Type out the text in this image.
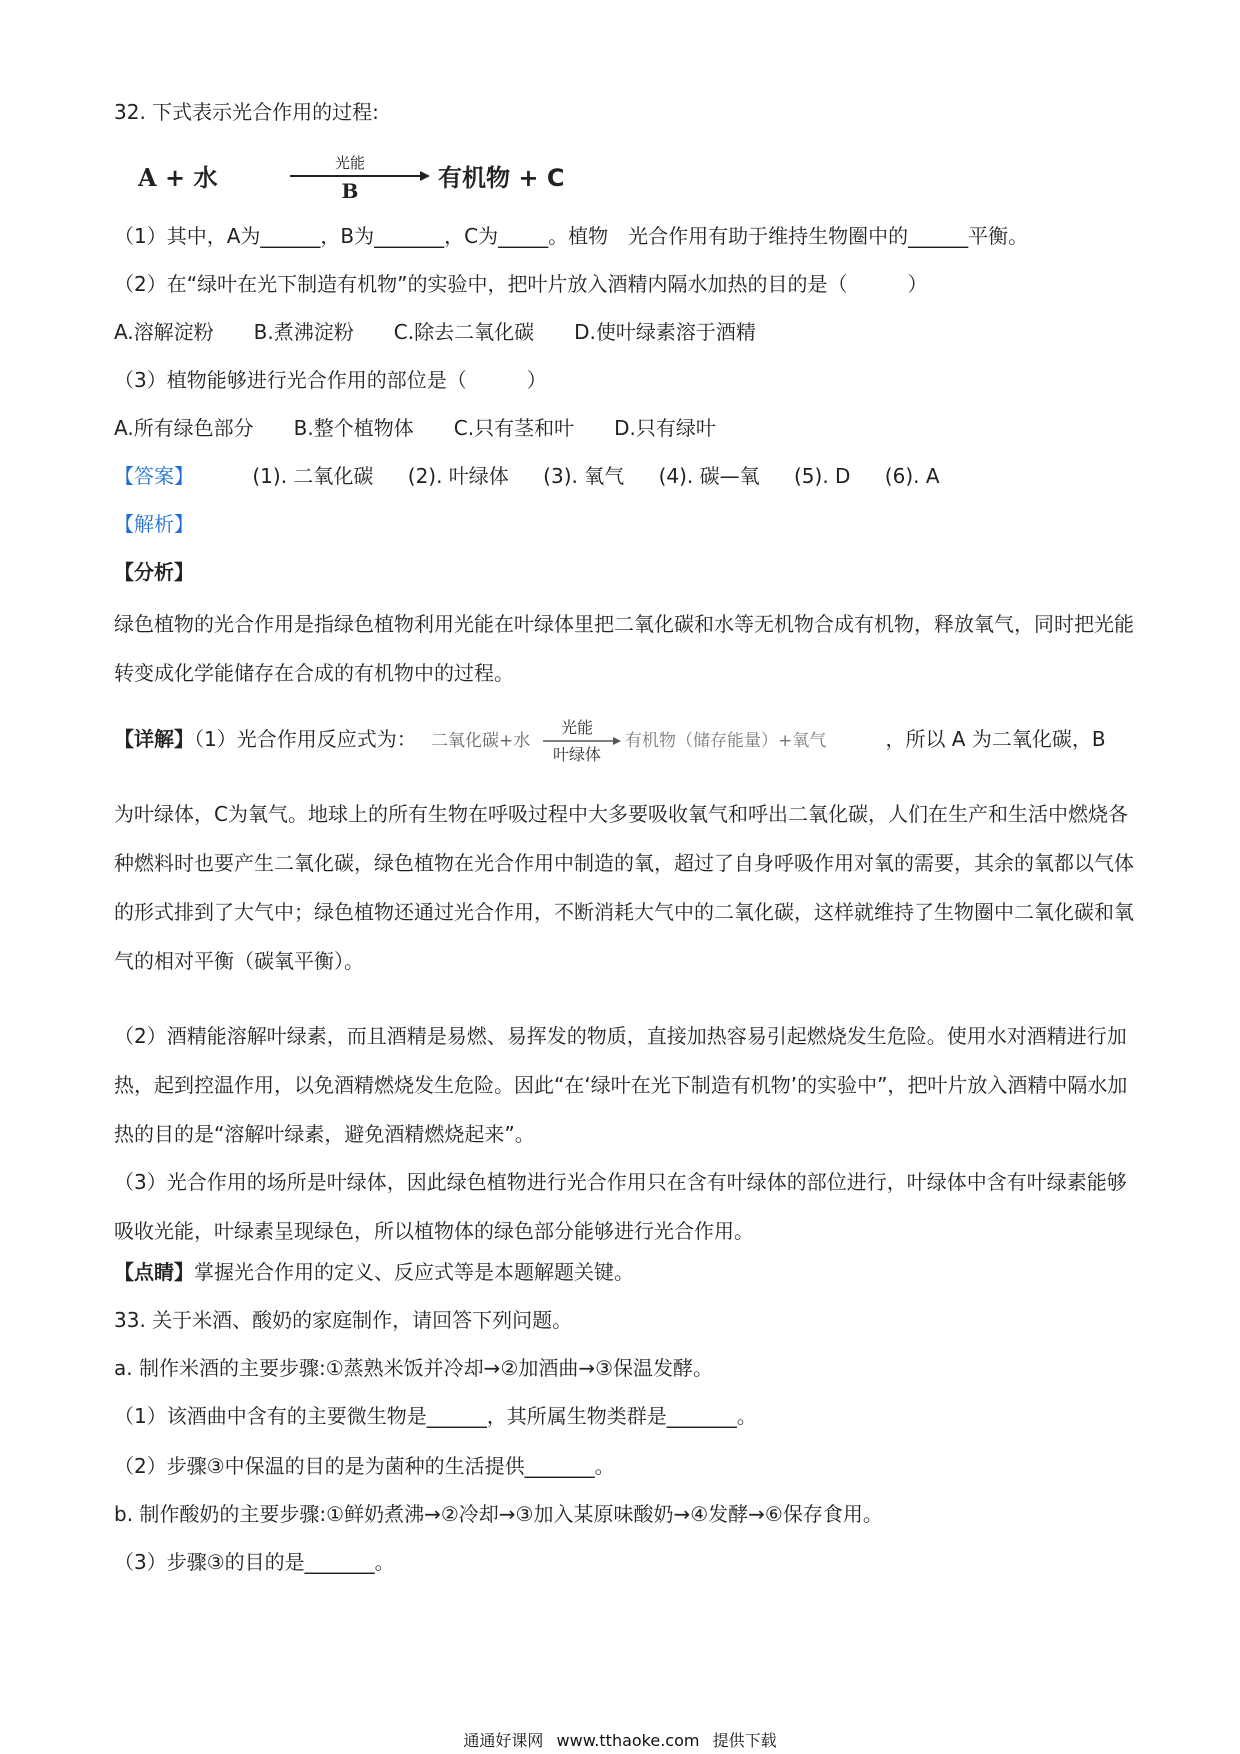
32. 下式表示光合作用的过程:
A + 水	光能
B	有机物 + C
（1）其中，A为______，B为_______，C为_____。植物　光合作用有助于维持生物圈中的______平衡。
（2）在“绿叶在光下制造有机物”的实验中，把叶片放入酒精内隔水加热的目的是（　　　）
A.溶解淀粉　　B.煮沸淀粉　　C.除去二氧化碳　　D.使叶绿素溶于酒精
（3）植物能够进行光合作用的部位是（　　　）
A.所有绿色部分　　B.整个植物体　　C.只有茎和叶　　D.只有绿叶
【答案】	(1). 二氧化碳 (2). 叶绿体 (3). 氧气 (4). 碳—氧 (5). D (6). A
【解析】
【分析】
绿色植物的光合作用是指绿色植物利用光能在叶绿体里把二氧化碳和水等无机物合成有机物，释放氧气，同时把光能转变成化学能储存在合成的有机物中的过程。
【详解】（1）光合作用反应式为： 二氧化碳+水
光能
叶绿体
有机物（储存能量）+氧气	，所以 A 为二氧化碳，B
为叶绿体，C为氧气。地球上的所有生物在呼吸过程中大多要吸收氧气和呼出二氧化碳，人们在生产和生活中燃烧各种燃料时也要产生二氧化碳，绿色植物在光合作用中制造的氧，超过了自身呼吸作用对氧的需要，其余的氧都以气体的形式排到了大气中；绿色植物还通过光合作用，不断消耗大气中的二氧化碳，这样就维持了生物圈中二氧化碳和氧气的相对平衡（碳氧平衡）。
（2）酒精能溶解叶绿素，而且酒精是易燃、易挥发的物质，直接加热容易引起燃烧发生危险。使用水对酒精进行加热，起到控温作用，以免酒精燃烧发生危险。因此“在‘绿叶在光下制造有机物’的实验中”，把叶片放入酒精中隔水加热的目的是“溶解叶绿素，避免酒精燃烧起来”。
（3）光合作用的场所是叶绿体，因此绿色植物进行光合作用只在含有叶绿体的部位进行，叶绿体中含有叶绿素能够吸收光能，叶绿素呈现绿色，所以植物体的绿色部分能够进行光合作用。
【点睛】掌握光合作用的定义、反应式等是本题解题关键。
33. 关于米酒、酸奶的家庭制作，请回答下列问题。
a. 制作米酒的主要步骤:①蒸熟米饭并冷却→②加酒曲→③保温发酵。
（1）该酒曲中含有的主要微生物是______，其所属生物类群是_______。
（2）步骤③中保温的目的是为菌种的生活提供_______。
b. 制作酸奶的主要步骤:①鲜奶煮沸→②冷却→③加入某原味酸奶→④发酵→⑥保存食用。
（3）步骤③的目的是_______。
通通好课网 www.tthaoke.com 提供下载
